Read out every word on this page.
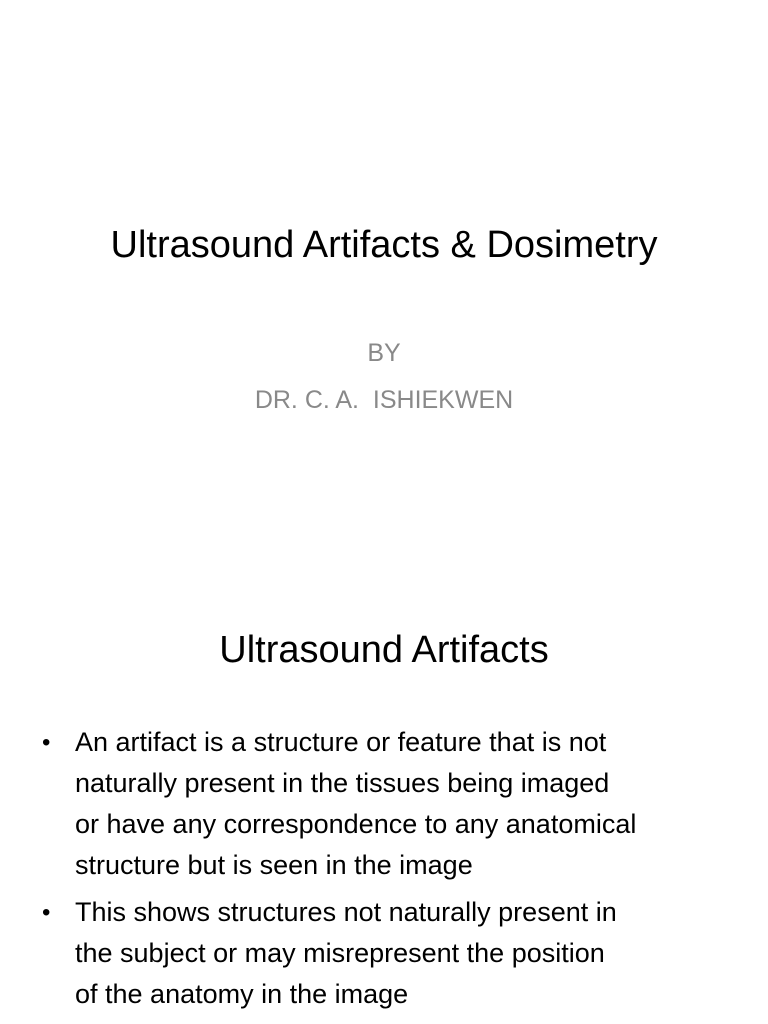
Ultrasound Artifacts & Dosimetry
BY
DR. C. A.  ISHIEKWEN
Ultrasound Artifacts
• An artifact is a structure or feature that is not
naturally present in the tissues being imaged
or have any correspondence to any anatomical
structure but is seen in the image
• This shows structures not naturally present in
the subject or may misrepresent the position
of the anatomy in the image
